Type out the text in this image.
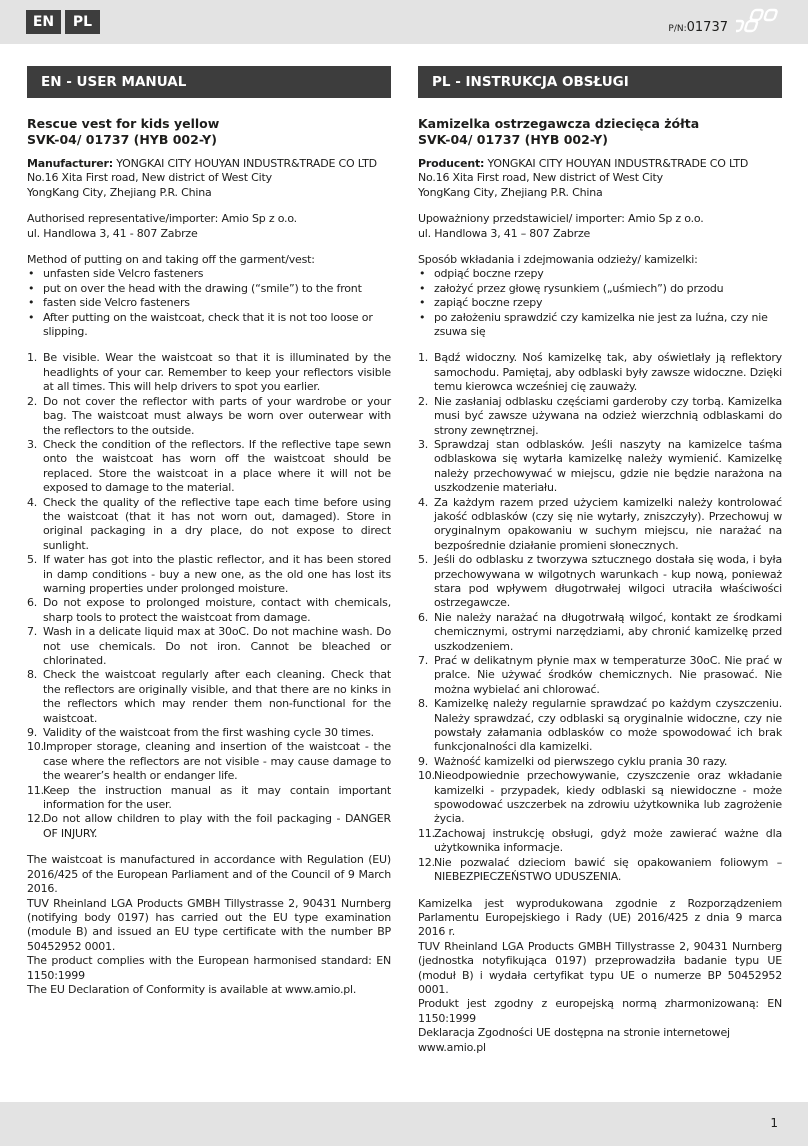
EN	PL	P/N:01737
EN - USER MANUAL
Rescue vest for kids yellow
SVK-04/ 01737 (HYB 002-Y)

Manufacturer: YONGKAI CITY HOUYAN INDUSTR&TRADE CO LTD

No.16 Xita First road, New district of West City

YongKang City, Zhejiang P.R. China

Authorised representative/importer: Amio Sp z o.o.

ul. Handlowa 3, 41 - 807 Zabrze

Method of putting on and taking off the garment/vest:

• unfasten side Velcro fasteners
• put on over the head with the drawing (“smile”) to the front
• fasten side Velcro fasteners
• After putting on the waistcoat, check that it is not too loose or slipping.
1. Be visible. Wear the waistcoat so that it is illuminated by the headlights of your car. Remember to keep your reflectors visible at all times. This will help drivers to spot you earlier.
2. Do not cover the reflector with parts of your wardrobe or your bag. The waistcoat must always be worn over outerwear with the reflectors to the outside.
3. Check the condition of the reflectors. If the reflective tape sewn onto the waistcoat has worn off the waistcoat should be replaced. Store the waistcoat in a place where it will not be exposed to damage to the material.
4. Check the quality of the reflective tape each time before using the waistcoat (that it has not worn out, damaged). Store in original packaging in a dry place, do not expose to direct sunlight.
5. If water has got into the plastic reflector, and it has been stored in damp conditions - buy a new one, as the old one has lost its warning properties under prolonged moisture.
6. Do not expose to prolonged moisture, contact with chemicals, sharp tools to protect the waistcoat from damage.
7. Wash in a delicate liquid max at 30oC. Do not machine wash. Do not use chemicals. Do not iron. Cannot be bleached or chlorinated.
8. Check the waistcoat regularly after each cleaning. Check that the reflectors are originally visible, and that there are no kinks in the reflectors which may render them non-functional for the waistcoat.
9. Validity of the waistcoat from the first washing cycle 30 times.
10. Improper storage, cleaning and insertion of the waistcoat - the case where the reflectors are not visible - may cause damage to the wearer’s health or endanger life.
11. Keep the instruction manual as it may contain important information for the user.
12. Do not allow children to play with the foil packaging - DANGER OF INJURY.

The waistcoat is manufactured in accordance with Regulation (EU) 2016/425 of the European Parliament and of the Council of 9 March 2016.

TUV Rheinland LGA Products GMBH Tillystrasse 2, 90431 Nurnberg (notifying body 0197) has carried out the EU type examination (module B) and issued an EU type certificate with the number BP 50452952 0001.

The product complies with the European harmonised standard: EN 1150:1999

The EU Declaration of Conformity is available at www.amio.pl.

PL - INSTRUKCJA OBSŁUGI
Kamizelka ostrzegawcza dziecięca żółta
SVK-04/ 01737 (HYB 002-Y)

Producent: YONGKAI CITY HOUYAN INDUSTR&TRADE CO LTD

No.16 Xita First road, New district of West City

YongKang City, Zhejiang P.R. China

Upoważniony przedstawiciel/ importer: Amio Sp z o.o.

ul. Handlowa 3, 41 – 807 Zabrze

Sposób wkładania i zdejmowania odzieży/ kamizelki:

• odpiąć boczne rzepy
• założyć przez głowę rysunkiem („uśmiech”) do przodu
• zapiąć boczne rzepy
• po założeniu sprawdzić czy kamizelka nie jest za luźna, czy nie zsuwa się
1. Bądź widoczny. Noś kamizelkę tak, aby oświetlały ją reflektory samochodu. Pamiętaj, aby odblaski były zawsze widoczne. Dzięki temu kierowca wcześniej cię zauważy.
2. Nie zasłaniaj odblasku częściami garderoby czy torbą. Kamizelka musi być zawsze używana na odzież wierzchnią odblaskami do strony zewnętrznej.
3. Sprawdzaj stan odblasków. Jeśli naszyty na kamizelce taśma odblaskowa się wytarła kamizelkę należy wymienić. Kamizelkę należy przechowywać w miejscu, gdzie nie będzie narażona na uszkodzenie materiału.
4. Za każdym razem przed użyciem kamizelki należy kontrolować jakość odblasków (czy się nie wytarły, zniszczyły). Przechowuj w oryginalnym opakowaniu w suchym miejscu, nie narażać na bezpośrednie działanie promieni słonecznych.
5. Jeśli do odblasku z tworzywa sztucznego dostała się woda, i była przechowywana w wilgotnych warunkach - kup nową, ponieważ stara pod wpływem długotrwałej wilgoci utraciła właściwości ostrzegawcze.
6. Nie należy narażać na długotrwałą wilgoć, kontakt ze środkami chemicznymi, ostrymi narzędziami, aby chronić kamizelkę przed uszkodzeniem.
7. Prać w delikatnym płynie max w temperaturze 30oC. Nie prać w pralce. Nie używać środków chemicznych. Nie prasować. Nie można wybielać ani chlorować.
8. Kamizelkę należy regularnie sprawdzać po każdym czyszczeniu. Należy sprawdzać, czy odblaski są oryginalnie widoczne, czy nie powstały załamania odblasków co może spowodować ich brak funkcjonalności dla kamizelki.
9. Ważność kamizelki od pierwszego cyklu prania 30 razy.
10. Nieodpowiednie przechowywanie, czyszczenie oraz wkładanie kamizelki - przypadek, kiedy odblaski są niewidoczne - może spowodować uszczerbek na zdrowiu użytkownika lub zagrożenie życia.
11. Zachowaj instrukcję obsługi, gdyż może zawierać ważne dla użytkownika informacje.
12. Nie pozwalać dzieciom bawić się opakowaniem foliowym – NIEBEZPIECZEŃSTWO UDUSZENIA.

Kamizelka jest wyprodukowana zgodnie z Rozporządzeniem Parlamentu Europejskiego i Rady (UE) 2016/425 z dnia 9 marca 2016 r.

TUV Rheinland LGA Products GMBH Tillystrasse 2, 90431 Nurnberg (jednostka notyfikująca 0197) przeprowadziła badanie typu UE (moduł B) i wydała certyfikat typu UE o numerze BP 50452952 0001.

Produkt jest zgodny z europejską normą zharmonizowaną: EN 1150:1999

Deklaracja Zgodności UE dostępna na stronie internetowej www.amio.pl

1
